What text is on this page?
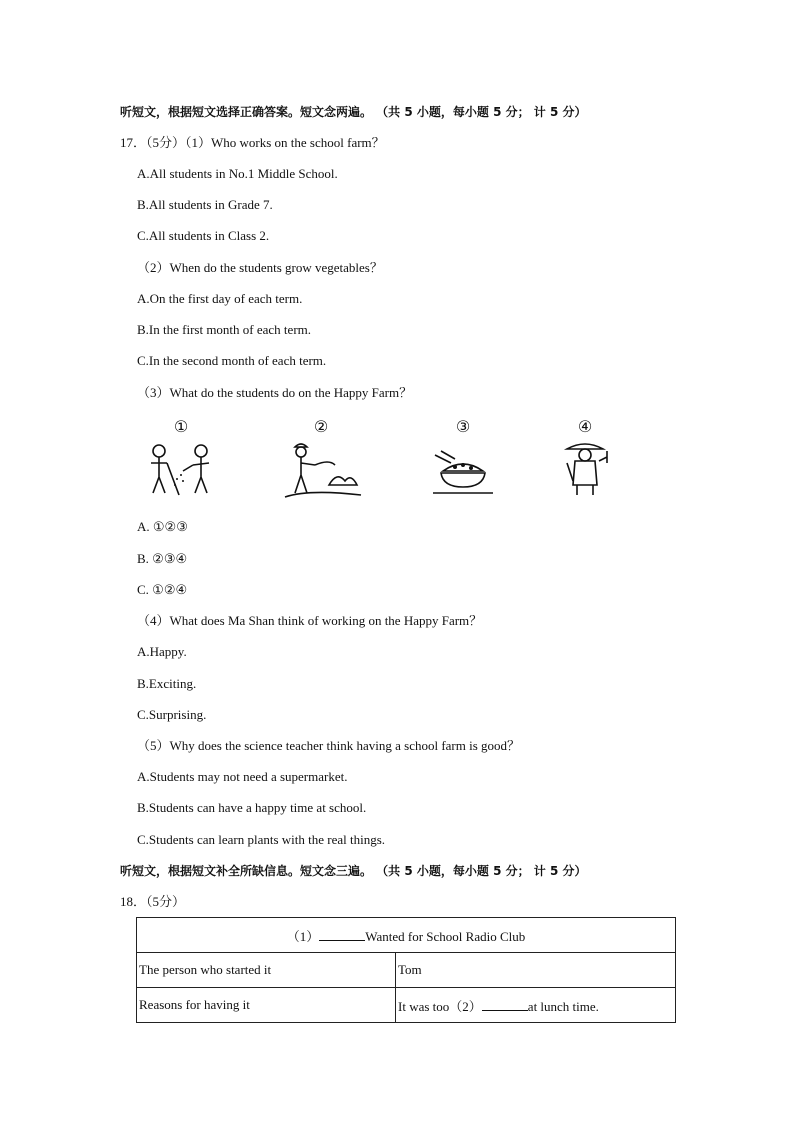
听短文，根据短文选择正确答案。短文念两遍。 （共 5 小题，每小题 5 分； 计 5 分）
17．（5分）（1）Who works on the school farm？
A.All students in No.1 Middle School.
B.All students in Grade 7.
C.All students in Class 2.
（2）When do the students grow vegetables？
A.On the first day of each term.
B.In the first month of each term.
C.In the second month of each term.
（3）What do the students do on the Happy Farm？
①	②	③	④
A. ①②③
B. ②③④
C. ①②④
（4）What does Ma Shan think of working on the Happy Farm？
A.Happy.
B.Exciting.
C.Surprising.
（5）Why does the science teacher think having a school farm is good？
A.Students may not need a supermarket.
B.Students can have a happy time at school.
C.Students can learn plants with the real things.
听短文，根据短文补全所缺信息。短文念三遍。 （共 5 小题，每小题 5 分； 计 5 分）
18．（5分）
（1） Wanted for School Radio Club	
The person who started it	Tom
Reasons for having it	It was too（2） at lunch time.
